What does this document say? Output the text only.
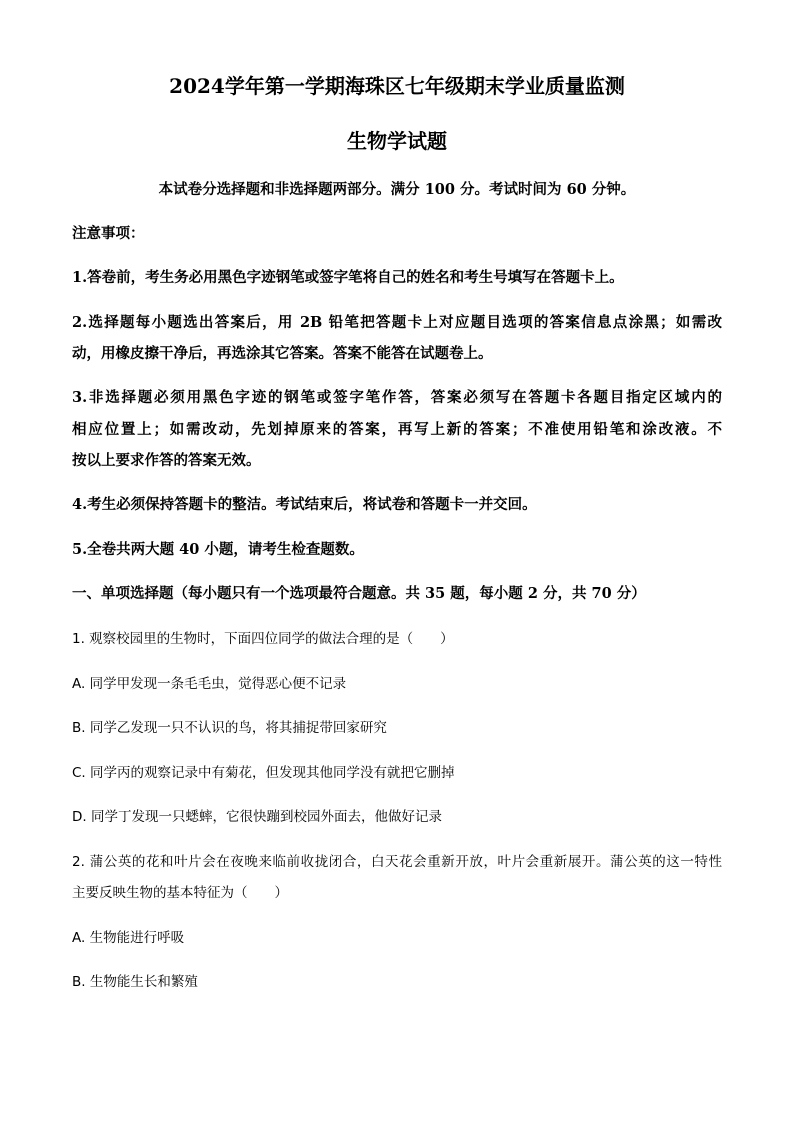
2024学年第一学期海珠区七年级期末学业质量监测
生物学试题
本试卷分选择题和非选择题两部分。满分 100 分。考试时间为 60 分钟。
注意事项：
1.答卷前，考生务必用黑色字迹钢笔或签字笔将自己的姓名和考生号填写在答题卡上。
2.选择题每小题选出答案后，用 2B 铅笔把答题卡上对应题目选项的答案信息点涂黑；如需改
动，用橡皮擦干净后，再选涂其它答案。答案不能答在试题卷上。
3.非选择题必须用黑色字迹的钢笔或签字笔作答，答案必须写在答题卡各题目指定区域内的
相应位置上；如需改动，先划掉原来的答案，再写上新的答案；不准使用铅笔和涂改液。不
按以上要求作答的答案无效。
4.考生必须保持答题卡的整洁。考试结束后，将试卷和答题卡一并交回。
5.全卷共两大题 40 小题，请考生检查题数。
一、单项选择题（每小题只有一个选项最符合题意。共 35 题，每小题 2 分，共 70 分）
1. 观察校园里的生物时，下面四位同学的做法合理的是（　　）
A. 同学甲发现一条毛毛虫，觉得恶心便不记录
B. 同学乙发现一只不认识的鸟，将其捕捉带回家研究
C. 同学丙的观察记录中有菊花，但发现其他同学没有就把它删掉
D. 同学丁发现一只蟋蟀，它很快蹦到校园外面去，他做好记录
2. 蒲公英的花和叶片会在夜晚来临前收拢闭合，白天花会重新开放，叶片会重新展开。蒲公英的这一特性
主要反映生物的基本特征为（　　）
A. 生物能进行呼吸
B. 生物能生长和繁殖
